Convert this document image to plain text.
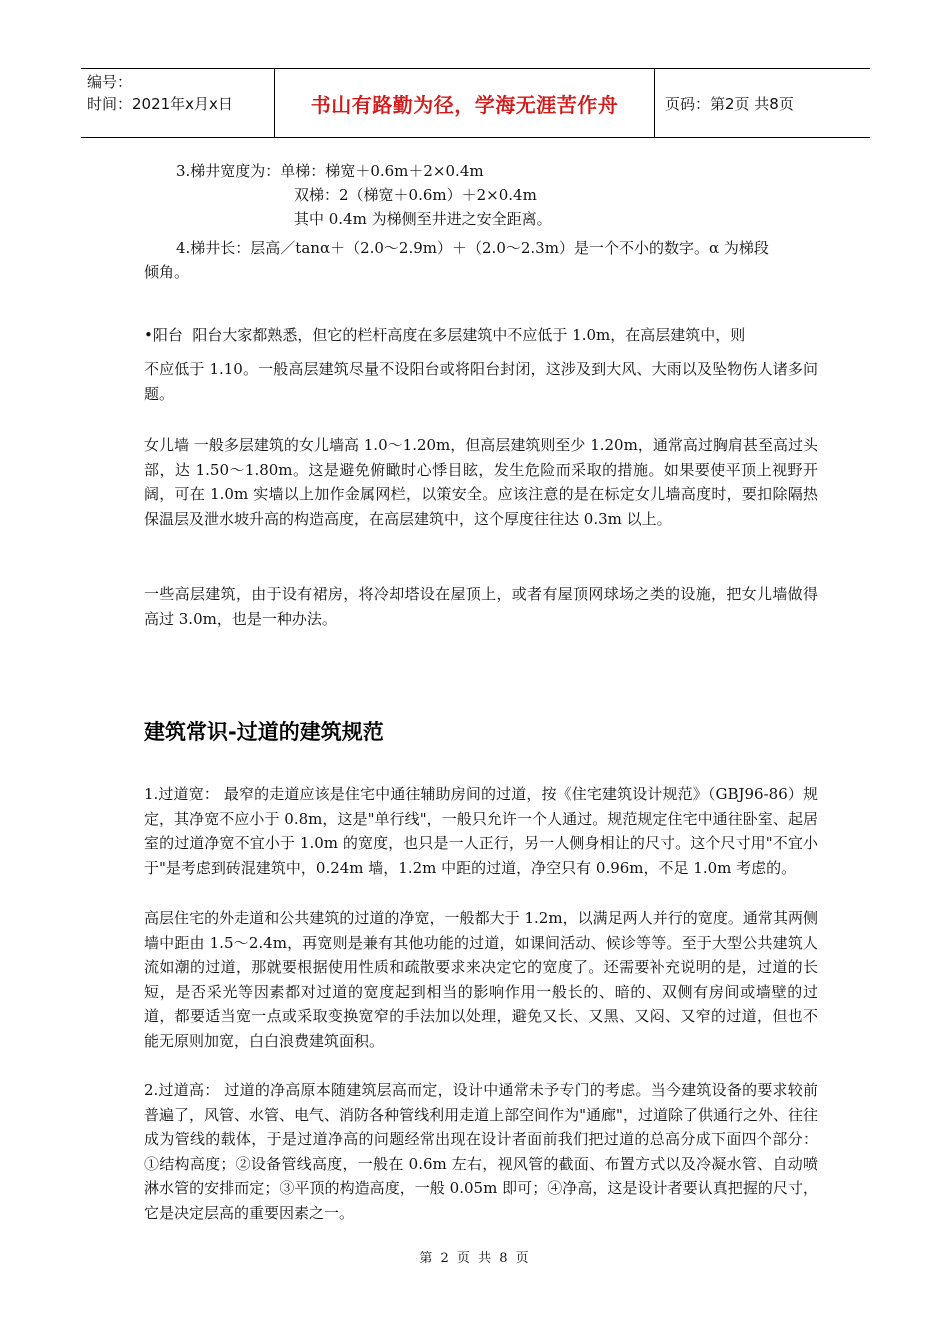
编号：
时间：2021年x月x日	书山有路勤为径，学海无涯苦作舟	页码：第2页 共8页
3.梯井宽度为：单梯：梯宽＋0.6m＋2×0.4m
双梯：2（梯宽＋0.6m）＋2×0.4m
其中 0.4m 为梯侧至井进之安全距离。
4.梯井长：层高／tanα＋（2.0～2.9m）＋（2.0～2.3m）是一个不小的数字。α 为梯段
倾角。
•阳台  阳台大家都熟悉，但它的栏杆高度在多层建筑中不应低于 1.0m，在高层建筑中，则
不应低于 1.10。一般高层建筑尽量不设阳台或将阳台封闭，这涉及到大风、大雨以及坠物伤人诸多问题。
女儿墙 一般多层建筑的女儿墙高 1.0～1.20m，但高层建筑则至少 1.20m，通常高过胸肩甚至高过头部，达 1.50～1.80m。这是避免俯瞰时心悸目眩，发生危险而采取的措施。如果要使平顶上视野开阔，可在 1.0m 实墙以上加作金属网栏，以策安全。应该注意的是在标定女儿墙高度时，要扣除隔热保温层及泄水坡升高的构造高度，在高层建筑中，这个厚度往往达 0.3m 以上。
一些高层建筑，由于设有裙房，将冷却塔设在屋顶上，或者有屋顶网球场之类的设施，把女儿墙做得高过 3.0m，也是一种办法。
建筑常识-过道的建筑规范
1.过道宽： 最窄的走道应该是住宅中通往辅助房间的过道，按《住宅建筑设计规范》（GBJ96-86）规定，其净宽不应小于 0.8m，这是"单行线"，一般只允许一个人通过。规范规定住宅中通往卧室、起居室的过道净宽不宜小于 1.0m 的宽度，也只是一人正行，另一人侧身相让的尺寸。这个尺寸用"不宜小于"是考虑到砖混建筑中，0.24m 墙，1.2m 中距的过道，净空只有 0.96m，不足 1.0m 考虑的。
高层住宅的外走道和公共建筑的过道的净宽，一般都大于 1.2m，以满足两人并行的宽度。通常其两侧墙中距由 1.5～2.4m，再宽则是兼有其他功能的过道，如课间活动、候诊等等。至于大型公共建筑人流如潮的过道，那就要根据使用性质和疏散要求来决定它的宽度了。还需要补充说明的是，过道的长短，是否采光等因素都对过道的宽度起到相当的影响作用一般长的、暗的、双侧有房间或墙壁的过道，都要适当宽一点或采取变换宽窄的手法加以处理，避免又长、又黑、又闷、又窄的过道，但也不能无原则加宽，白白浪费建筑面积。
2.过道高： 过道的净高原本随建筑层高而定，设计中通常未予专门的考虑。当今建筑设备的要求较前普遍了，风管、水管、电气、消防各种管线利用走道上部空间作为"通廊"，过道除了供通行之外、往往成为管线的载体，于是过道净高的问题经常出现在设计者面前我们把过道的总高分成下面四个部分：①结构高度；②设备管线高度，一般在 0.6m 左右，视风管的截面、布置方式以及冷凝水管、自动喷淋水管的安排而定；③平顶的构造高度，一般 0.05m 即可；④净高，这是设计者要认真把握的尺寸，它是决定层高的重要因素之一。
第 2 页 共 8 页
